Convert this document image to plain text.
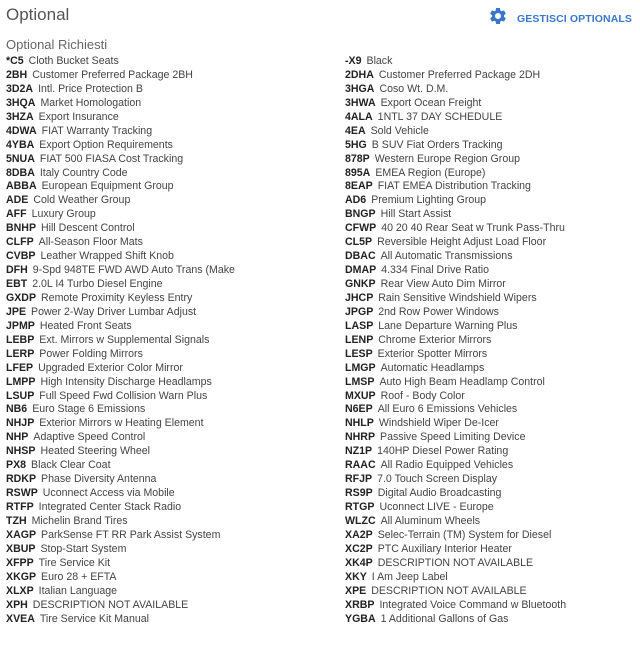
Optional	GESTISCI OPTIONALS
Optional Richiesti
*C5 Cloth Bucket Seats	-X9 Black
2BH Customer Preferred Package 2BH	2DHA Customer Preferred Package 2DH
3D2A Intl. Price Protection B	3HGA Coso Wt. D.M.
3HQA Market Homologation	3HWA Export Ocean Freight
3HZA Export Insurance	4ALA 1NTL 37 DAY SCHEDULE
4DWA FIAT Warranty Tracking	4EA Sold Vehicle
4YBA Export Option Requirements	5HG B SUV Fiat Orders Tracking
5NUA FIAT 500 FIASA Cost Tracking	878P Western Europe Region Group
8DBA Italy Country Code	895A EMEA Region (Europe)
ABBA European Equipment Group	8EAP FIAT EMEA Distribution Tracking
ADE Cold Weather Group	AD6 Premium Lighting Group
AFF Luxury Group	BNGP Hill Start Assist
BNHP Hill Descent Control	CFWP 40 20 40 Rear Seat w Trunk Pass-Thru
CLFP All-Season Floor Mats	CL5P Reversible Height Adjust Load Floor
CVBP Leather Wrapped Shift Knob	DBAC All Automatic Transmissions
DFH 9-Spd 948TE FWD AWD Auto Trans (Make	DMAP 4.334 Final Drive Ratio
EBT 2.0L I4 Turbo Diesel Engine	GNKP Rear View Auto Dim Mirror
GXDP Remote Proximity Keyless Entry	JHCP Rain Sensitive Windshield Wipers
JPE Power 2-Way Driver Lumbar Adjust	JPGP 2nd Row Power Windows
JPMP Heated Front Seats	LASP Lane Departure Warning Plus
LEBP Ext. Mirrors w Supplemental Signals	LENP Chrome Exterior Mirrors
LERP Power Folding Mirrors	LESP Exterior Spotter Mirrors
LFEP Upgraded Exterior Color Mirror	LMGP Automatic Headlamps
LMPP High Intensity Discharge Headlamps	LMSP Auto High Beam Headlamp Control
LSUP Full Speed Fwd Collision Warn Plus	MXUP Roof - Body Color
NB6 Euro Stage 6 Emissions	N6EP All Euro 6 Emissions Vehicles
NHJP Exterior Mirrors w Heating Element	NHLP Windshield Wiper De-Icer
NHP Adaptive Speed Control	NHRP Passive Speed Limiting Device
NHSP Heated Steering Wheel	NZ1P 140HP Diesel Power Rating
PX8 Black Clear Coat	RAAC All Radio Equipped Vehicles
RDKP Phase Diversity Antenna	RFJP 7.0 Touch Screen Display
RSWP Uconnect Access via Mobile	RS9P Digital Audio Broadcasting
RTFP Integrated Center Stack Radio	RTGP Uconnect LIVE - Europe
TZH Michelin Brand Tires	WLZC All Aluminum Wheels
XAGP ParkSense FT RR Park Assist System	XA2P Selec-Terrain (TM) System for Diesel
XBUP Stop-Start System	XC2P PTC Auxiliary Interior Heater
XFPP Tire Service Kit	XK4P DESCRIPTION NOT AVAILABLE
XKGP Euro 28 + EFTA	XKY I Am Jeep Label
XLXP Italian Language	XPE DESCRIPTION NOT AVAILABLE
XPH DESCRIPTION NOT AVAILABLE	XRBP Integrated Voice Command w Bluetooth
XVEA Tire Service Kit Manual	YGBA 1 Additional Gallons of Gas
